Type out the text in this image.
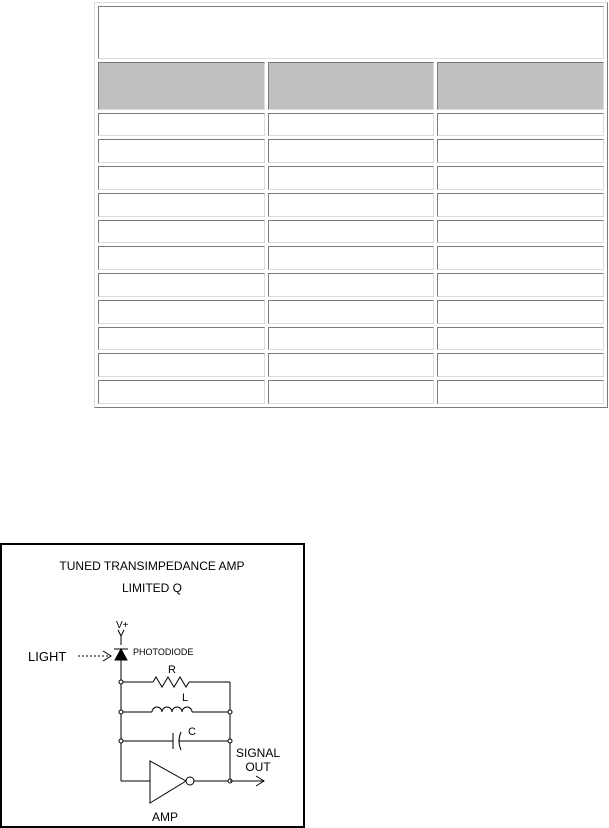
TUNED TRANSIMPEDANCE AMP
LIMITED Q
V+
PHOTODIODE
LIGHT
R
L
C
SIGNAL
OUT
AMP
